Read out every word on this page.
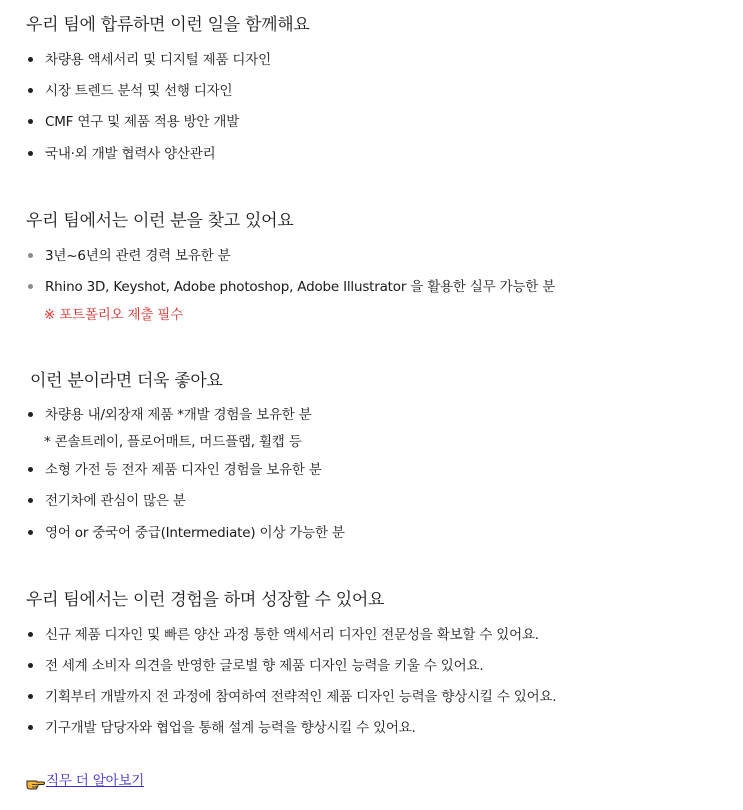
우리 팀에 합류하면 이런 일을 함께해요
차량용 액세서리 및 디지털 제품 디자인
시장 트렌드 분석 및 선행 디자인
CMF 연구 및 제품 적용 방안 개발
국내·외 개발 협력사 양산관리
우리 팀에서는 이런 분을 찾고 있어요
3년~6년의 관련 경력 보유한 분
Rhino 3D, Keyshot, Adobe photoshop, Adobe Illustrator 을 활용한 실무 가능한 분
※ 포트폴리오 제출 필수
이런 분이라면 더욱 좋아요
차량용 내/외장재 제품 *개발 경험을 보유한 분
* 콘솔트레이, 플로어매트, 머드플랩, 휠캡 등
소형 가전 등 전자 제품 디자인 경험을 보유한 분
전기차에 관심이 많은 분
영어 or 중국어 중급(Intermediate) 이상 가능한 분
우리 팀에서는 이런 경험을 하며 성장할 수 있어요
신규 제품 디자인 및 빠른 양산 과정 통한 액세서리 디자인 전문성을 확보할 수 있어요.
전 세계 소비자 의견을 반영한 글로벌 향 제품 디자인 능력을 키울 수 있어요.
기획부터 개발까지 전 과정에 참여하여 전략적인 제품 디자인 능력을 향상시킬 수 있어요.
기구개발 담당자와 협업을 통해 설계 능력을 향상시킬 수 있어요.
직무 더 알아보기
